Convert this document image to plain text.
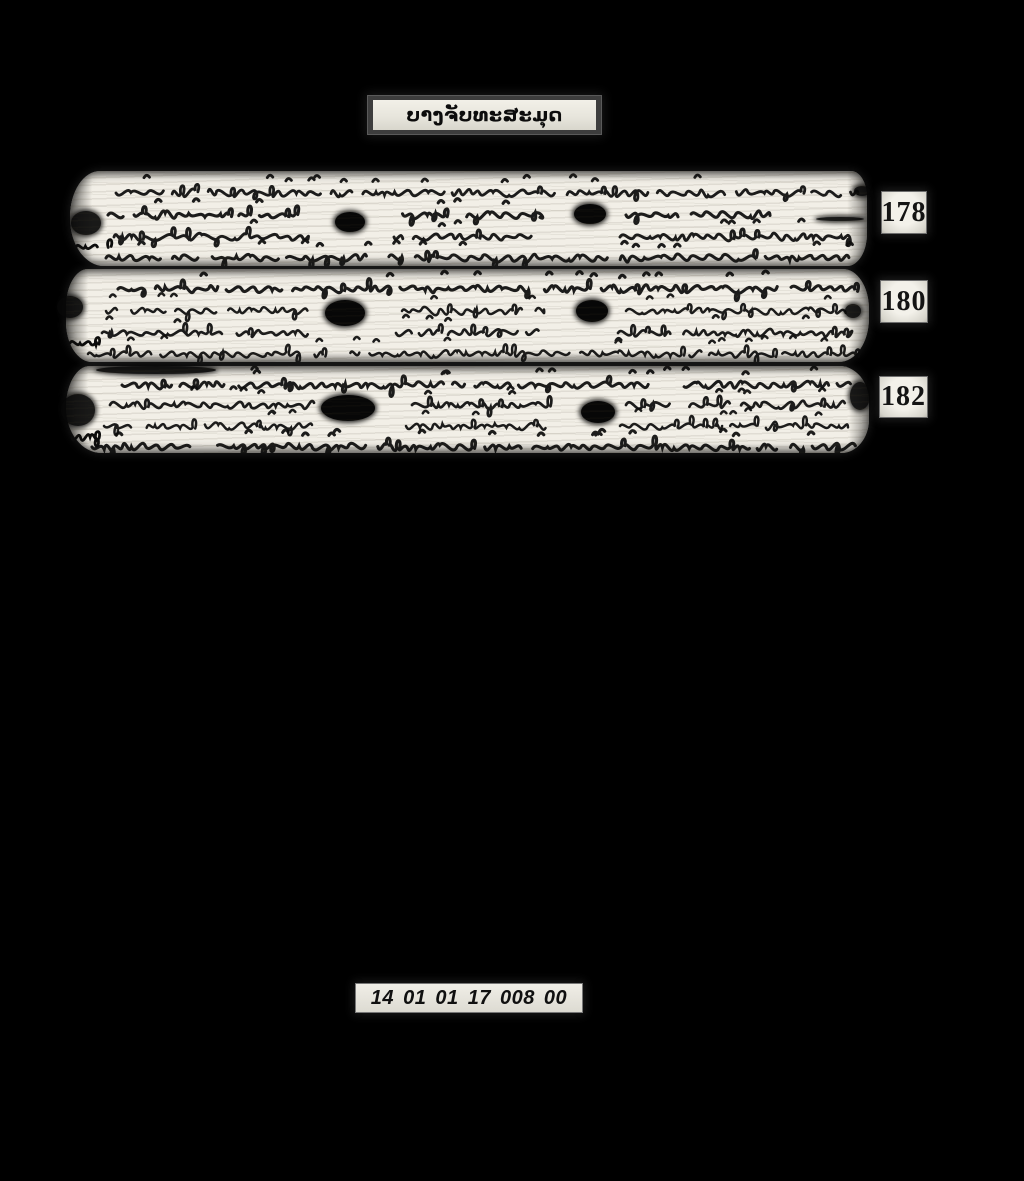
ບາງຈັບທະສະມຸດ
178
180
182
14 01 01 17 008 00
